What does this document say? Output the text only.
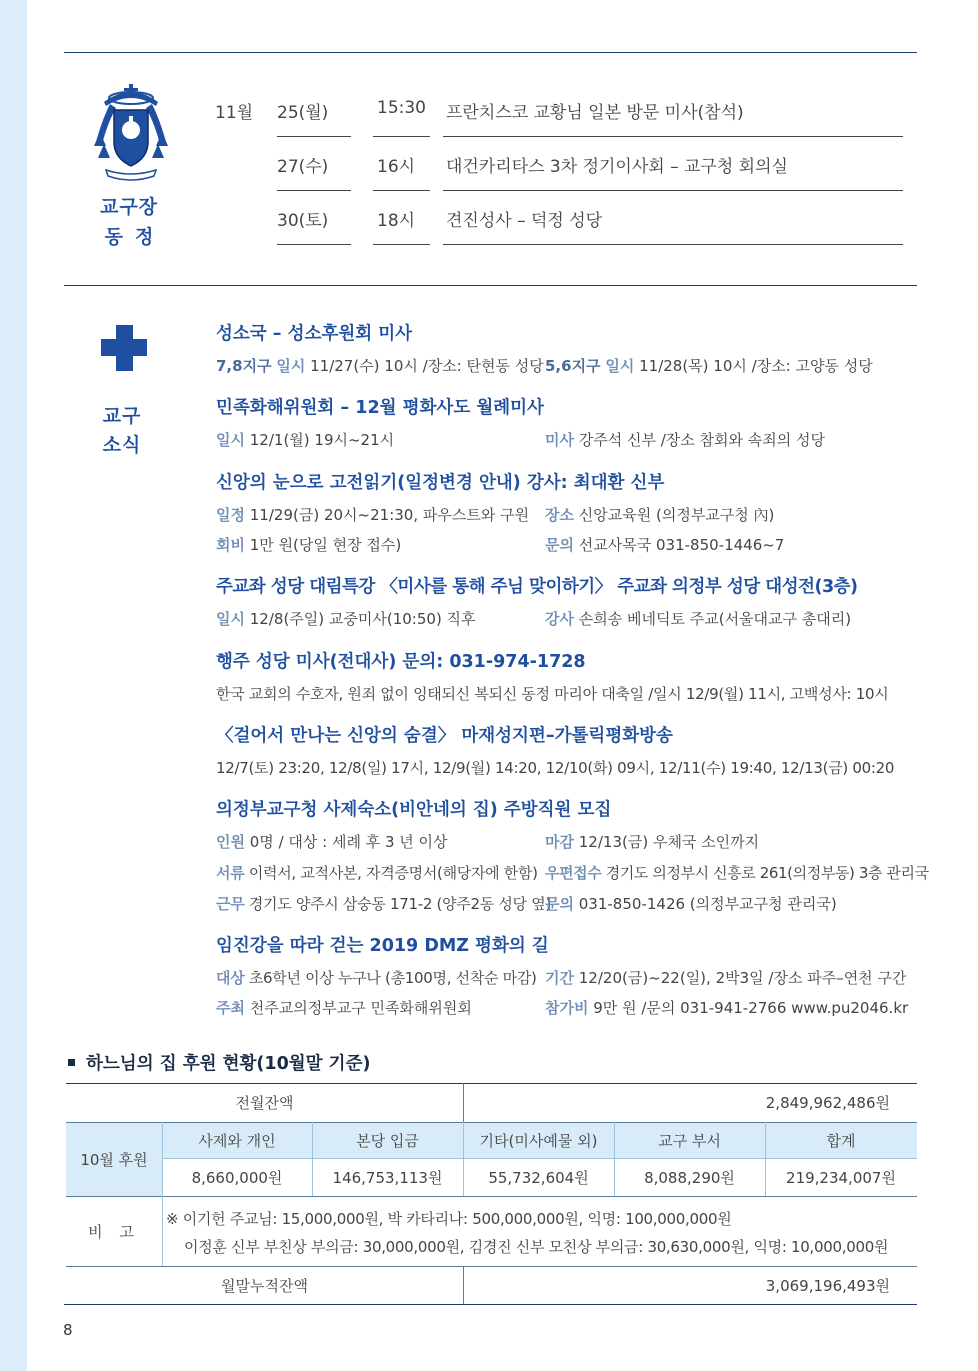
교구장
동정
11월 25(월)	15:30 프란치스코 교황님 일본 방문 미사(참석)
27(수)	16시 대건카리타스 3차 정기이사회 – 교구청 회의실
30(토)	18시 견진성사 – 덕정 성당
교구
소식
성소국 – 성소후원회 미사
7,8지구 일시 11/27(수) 10시 /장소: 탄현동 성당 5,6지구 일시 11/28(목) 10시 /장소: 고양동 성당
민족화해위원회 – 12월 평화사도 월례미사
일시 12/1(월) 19시~21시	미사 강주석 신부 /장소 참회와 속죄의 성당
신앙의 눈으로 고전읽기(일정변경 안내) 강사: 최대환 신부
일정 11/29(금) 20시~21:30, 파우스트와 구원 장소 신앙교육원 (의정부교구청 內)
회비 1만 원(당일 현장 접수)	문의 선교사목국 031-850-1446~7
주교좌 성당 대림특강 〈미사를 통해 주님 맞이하기〉 주교좌 의정부 성당 대성전(3층)
일시 12/8(주일) 교중미사(10:50) 직후	강사 손희송 베네딕토 주교(서울대교구 총대리)
행주 성당 미사(전대사) 문의: 031-974-1728
한국 교회의 수호자, 원죄 없이 잉태되신 복되신 동정 마리아 대축일 /일시 12/9(월) 11시, 고백성사: 10시
〈걸어서 만나는 신앙의 숨결〉 마재성지편–가톨릭평화방송
12/7(토) 23:20, 12/8(일) 17시, 12/9(월) 14:20, 12/10(화) 09시, 12/11(수) 19:40, 12/13(금) 00:20
의정부교구청 사제숙소(비안네의 집) 주방직원 모집
인원 0명 / 대상 : 세례 후 3 년 이상	마감 12/13(금) 우체국 소인까지
서류 이력서, 교적사본, 자격증명서(해당자에 한함) 우편접수 경기도 의정부시 신흥로 261(의정부동) 3층 관리국
근무 경기도 양주시 삼숭동 171-2 (양주2동 성당 옆)
문의 031-850-1426 (의정부교구청 관리국)
임진강을 따라 걷는 2019 DMZ 평화의 길
대상 초6학년 이상 누구나 (총100명, 선착순 마감) 기간 12/20(금)~22(일), 2박3일 /장소 파주–연천 구간
주최 천주교의정부교구 민족화해위원회	참가비 9만 원 /문의 031-941-2766 www.pu2046.kr
하느님의 집 후원 현황(10월말 기준)
전월잔액	2,849,962,486원
10월 후원
사제와 개인	본당 입금	기타(미사예물 외)	교구 부서	합계
8,660,000원	146,753,113원	55,732,604원	8,088,290원	219,234,007원
비 고
※ 이기헌 주교님: 15,000,000원, 박 카타리나: 500,000,000원, 익명: 100,000,000원
이정훈 신부 부친상 부의금: 30,000,000원, 김경진 신부 모친상 부의금: 30,630,000원, 익명: 10,000,000원
월말누적잔액	3,069,196,493원
8
